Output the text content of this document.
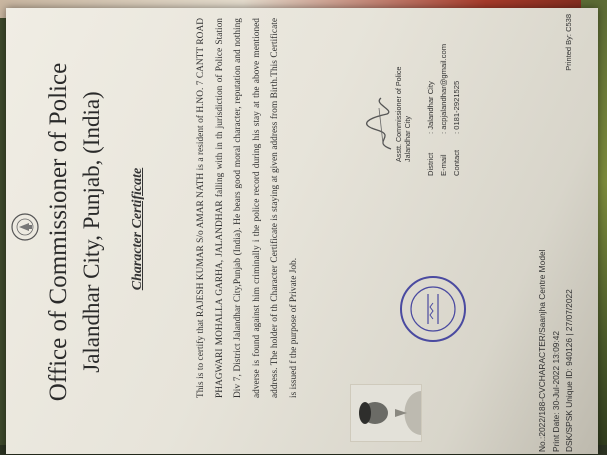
Office of Commissioner of Police Jalandhar City, Punjab, (India) Character Certificate	This is to certify that RAJESH KUMAR S/o AMAR NATH is a resident of H.NO. 7 CANTT ROAD PHAGWARI MOHALLA GARHA, JALANDHAR falling with in th jurisdiction of Police Station Div 7, District Jalandhar City,Punjab (India). He bears good moral character, reputation and nothing adverse is found against him criminally i the police record during his stay at the above mentioned address. The holder of th Character Certificate is staying at given address from Birth.This Certificate is issued f the purpose of Private Job.
Asstt. Commissioner of Police Jalandhar City
District: Jalandhar City
E-mail: acpjalandhar@gmail.com
Contact: 0181-2921525
No.:2022/188-CVCHARACTER/Saanjha Centre Model Print Date: 30-Jul-2022 13:09:42 DSK/SPSK Unique ID: 940126 | 27/07/2022
Printed By: C538
